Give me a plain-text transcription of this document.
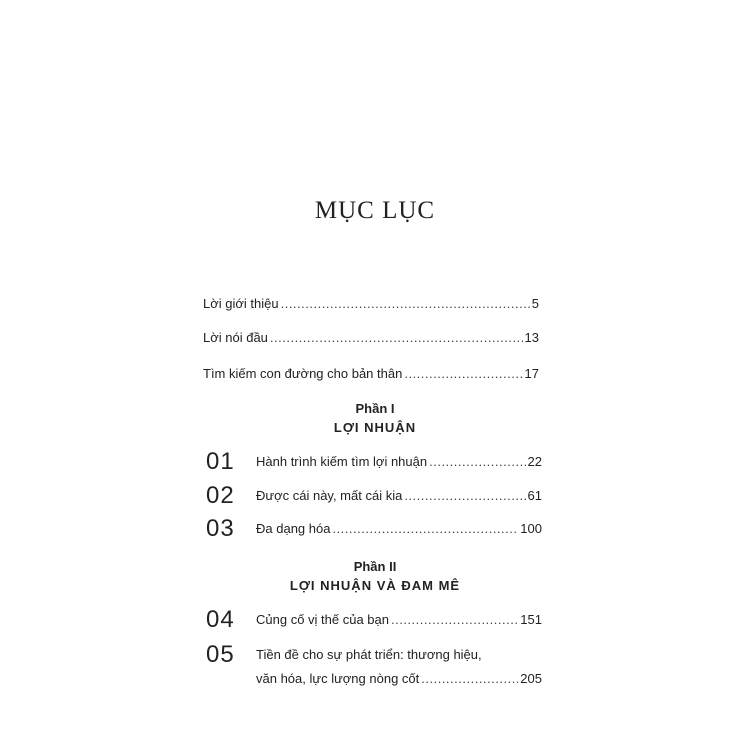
MỤC LỤC
Lời giới thiệu .....	5
Lời nói đầu .....	13
Tìm kiếm con đường cho bản thân .....	17
Phần I
LỢI NHUẬN
01 Hành trình kiếm tìm lợi nhuận .....	22
02 Được cái này, mất cái kia .....	61
03 Đa dạng hóa .....	100
Phần II
LỢI NHUẬN VÀ ĐAM MÊ
04 Củng cố vị thế của bạn .....	151
05 Tiền đề cho sự phát triển: thương hiệu,
văn hóa, lực lượng nòng cốt .....	205
